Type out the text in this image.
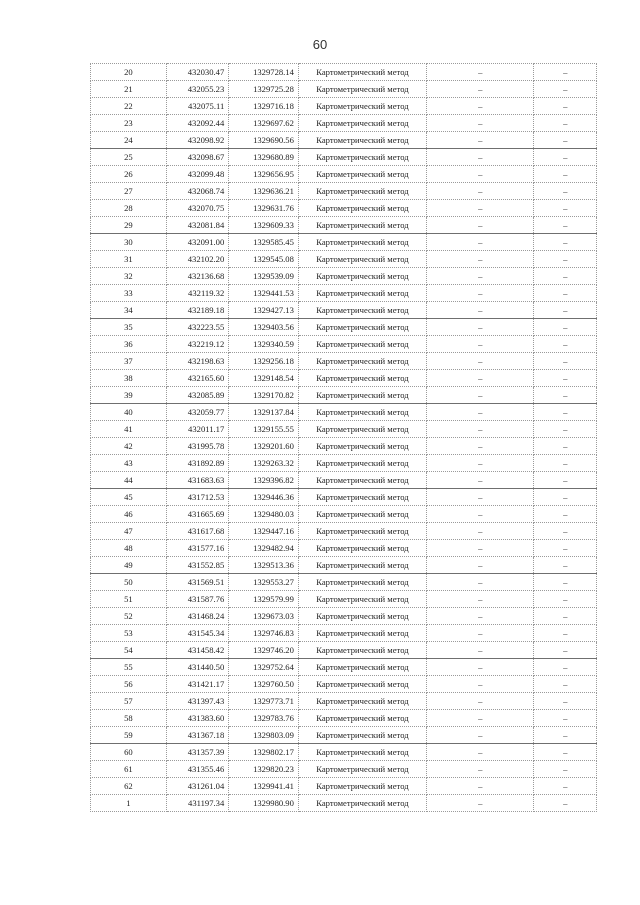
60
20	432030.47	1329728.14	Картометрический метод	–	–
21	432055.23	1329725.28	Картометрический метод	–	–
22	432075.11	1329716.18	Картометрический метод	–	–
23	432092.44	1329697.62	Картометрический метод	–	–
24	432098.92	1329690.56	Картометрический метод	–	–
25	432098.67	1329680.89	Картометрический метод	–	–
26	432099.48	1329656.95	Картометрический метод	–	–
27	432068.74	1329636.21	Картометрический метод	–	–
28	432070.75	1329631.76	Картометрический метод	–	–
29	432081.84	1329609.33	Картометрический метод	–	–
30	432091.00	1329585.45	Картометрический метод	–	–
31	432102.20	1329545.08	Картометрический метод	–	–
32	432136.68	1329539.09	Картометрический метод	–	–
33	432119.32	1329441.53	Картометрический метод	–	–
34	432189.18	1329427.13	Картометрический метод	–	–
35	432223.55	1329403.56	Картометрический метод	–	–
36	432219.12	1329340.59	Картометрический метод	–	–
37	432198.63	1329256.18	Картометрический метод	–	–
38	432165.60	1329148.54	Картометрический метод	–	–
39	432085.89	1329170.82	Картометрический метод	–	–
40	432059.77	1329137.84	Картометрический метод	–	–
41	432011.17	1329155.55	Картометрический метод	–	–
42	431995.78	1329201.60	Картометрический метод	–	–
43	431892.89	1329263.32	Картометрический метод	–	–
44	431683.63	1329396.82	Картометрический метод	–	–
45	431712.53	1329446.36	Картометрический метод	–	–
46	431665.69	1329480.03	Картометрический метод	–	–
47	431617.68	1329447.16	Картометрический метод	–	–
48	431577.16	1329482.94	Картометрический метод	–	–
49	431552.85	1329513.36	Картометрический метод	–	–
50	431569.51	1329553.27	Картометрический метод	–	–
51	431587.76	1329579.99	Картометрический метод	–	–
52	431468.24	1329673.03	Картометрический метод	–	–
53	431545.34	1329746.83	Картометрический метод	–	–
54	431458.42	1329746.20	Картометрический метод	–	–
55	431440.50	1329752.64	Картометрический метод	–	–
56	431421.17	1329760.50	Картометрический метод	–	–
57	431397.43	1329773.71	Картометрический метод	–	–
58	431383.60	1329783.76	Картометрический метод	–	–
59	431367.18	1329803.09	Картометрический метод	–	–
60	431357.39	1329802.17	Картометрический метод	–	–
61	431355.46	1329820.23	Картометрический метод	–	–
62	431261.04	1329941.41	Картометрический метод	–	–
1	431197.34	1329980.90	Картометрический метод	–	–
